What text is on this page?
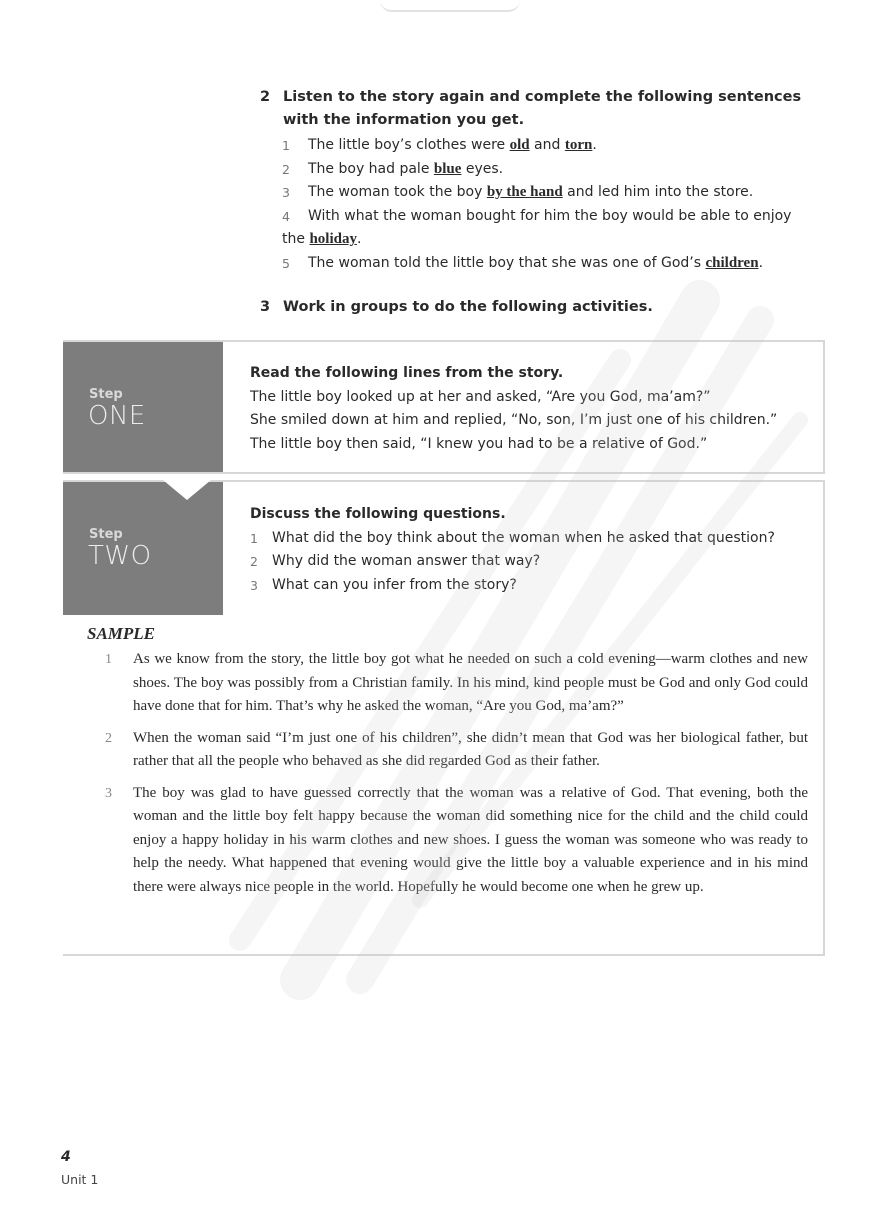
2 Listen to the story again and complete the following sentences with the information you get.
1	The little boy’s clothes were old and torn.
2	The boy had pale blue eyes.
3	The woman took the boy by the hand and led him into the store.
4	With what the woman bought for him the boy would be able to enjoy
the holiday.
5	The woman told the little boy that she was one of God’s children.
3 Work in groups to do the following activities.
Step
ONE
Read the following lines from the story.
The little boy looked up at her and asked, “Are you God, ma’am?”
She smiled down at him and replied, “No, son, I’m just one of his children.”
The little boy then said, “I knew you had to be a relative of God.”
Step
TWO
Discuss the following questions.
1	What did the boy think about the woman when he asked that question?
2	Why did the woman answer that way?
3	What can you infer from the story?
SAMPLE
1	As we know from the story, the little boy got what he needed on such a cold evening—warm clothes and new shoes. The boy was possibly from a Christian family. In his mind, kind people must be God and only God could have done that for him. That’s why he asked the woman, “Are you God, ma’am?”
2	When the woman said “I’m just one of his children”, she didn’t mean that God was her biological father, but rather that all the people who behaved as she did regarded God as their father.
3	The boy was glad to have guessed correctly that the woman was a relative of God. That evening, both the woman and the little boy felt happy because the woman did something nice for the child and the child could enjoy a happy holiday in his warm clothes and new shoes. I guess the woman was someone who was ready to help the needy. What happened that evening would give the little boy a valuable experience and in his mind there were always nice people in the world. Hopefully he would become one when he grew up.
4
Unit 1
